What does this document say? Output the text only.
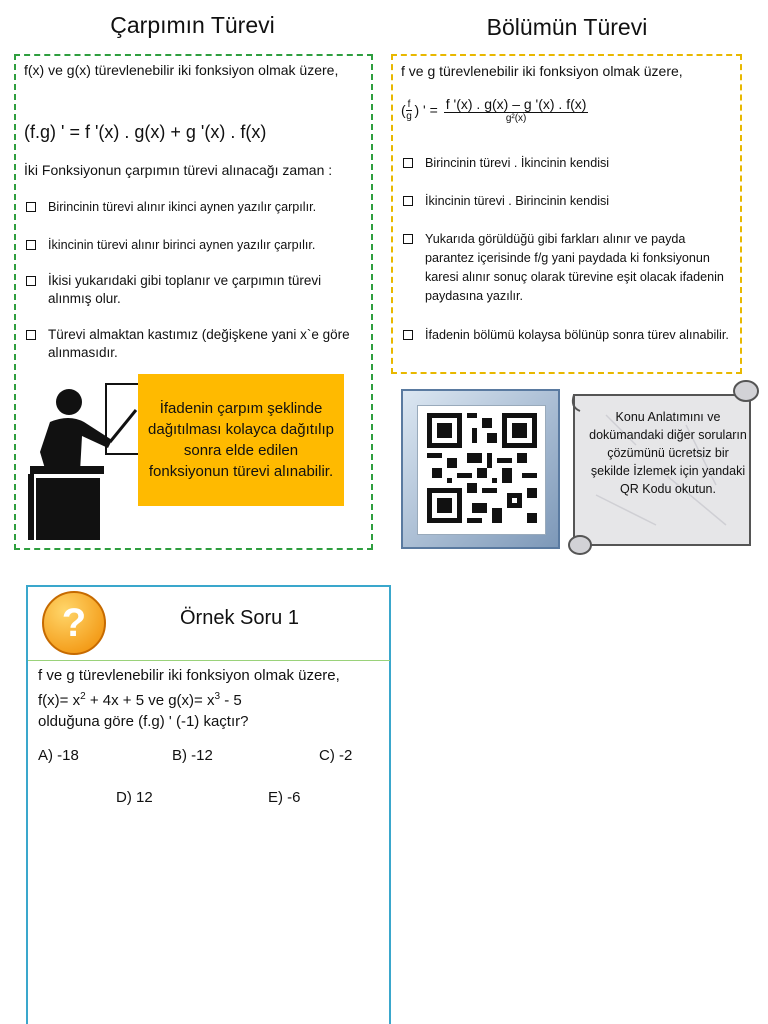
Çarpımın Türevi
f(x) ve g(x) türevlenebilir iki fonksiyon olmak üzere,
(f.g) ' = f '(x) . g(x) + g '(x) . f(x)
İki Fonksiyonun çarpımın türevi alınacağı zaman :
Birincinin türevi alınır ikinci aynen yazılır çarpılır.
İkincinin türevi alınır birinci aynen yazılır çarpılır.
İkisi yukarıdaki gibi toplanır ve çarpımın türevi alınmış olur.
Türevi almaktan kastımız (değişkene yani x`e göre alınmasıdır.
İfadenin çarpım şeklinde dağıtılması kolayca dağıtılıp sonra elde edilen fonksiyonun türevi alınabilir.
Bölümün Türevi
f ve g türevlenebilir iki fonksiyon olmak üzere,
( $\frac{f}{g}$ ) ' = $\frac{f '(x) . g(x) - g '(x) . f(x)}{\text{g²(x)}}$
Birincinin türevi . İkincinin kendisi
İkincinin türevi . Birincinin kendisi
Yukarıda görüldüğü gibi farkları alınır ve payda parantez içerisinde f/g yani paydada ki fonksiyonun karesi alınır sonuç olarak türevine eşit olacak ifadenin paydasına yazılır.
İfadenin bölümü kolaysa bölünüp sonra türev alınabilir.
Konu Anlatımını ve dokümandaki diğer soruların çözümünü ücretsiz bir şekilde İzlemek için yandaki QR Kodu okutun.
?	Örnek Soru 1
f ve g türevlenebilir iki fonksiyon olmak üzere,
$f(x)= x^2 + 4x + 5$ ve $g(x)= x^3 - 5$
olduğuna göre (f.g) ' (-1) kaçtır?
A) -18	B) -12	C) -2
D) 12	E) -6
